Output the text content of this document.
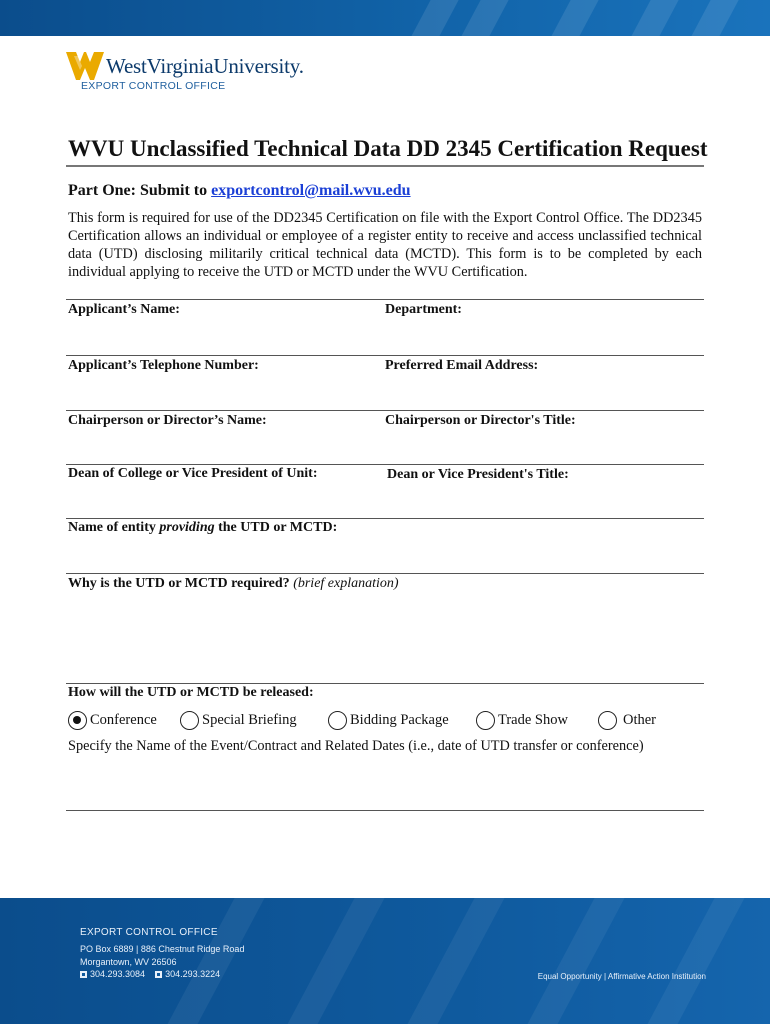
WestVirginiaUniversity.
EXPORT CONTROL OFFICE
WVU Unclassified Technical Data DD 2345 Certification Request
Part One: Submit to exportcontrol@mail.wvu.edu

This form is required for use of the DD2345 Certification on file with the Export Control Office. The DD2345 Certification allows an individual or employee of a register entity to receive and access unclassified technical data (UTD) disclosing militarily critical technical data (MCTD). This form is to be completed by each individual applying to receive the UTD or MCTD under the WVU Certification.

Applicant’s Name:	Department:
Applicant’s Telephone Number:	Preferred Email Address:
Chairperson or Director’s Name:	Chairperson or Director's Title:
Dean of College or Vice President of Unit:	Dean or Vice President's Title:
Name of entity providing the UTD or MCTD:
Why is the UTD or MCTD required? (brief explanation)
How will the UTD or MCTD be released:
Conference	Special Briefing	Bidding Package	Trade Show	Other
Specify the Name of the Event/Contract and Related Dates (i.e., date of UTD transfer or conference)
EXPORT CONTROL OFFICE
PO Box 6889 | 886 Chestnut Ridge Road
Morgantown, WV 26506
304.293.3084 304.293.3224	Equal Opportunity | Affirmative Action Institution
